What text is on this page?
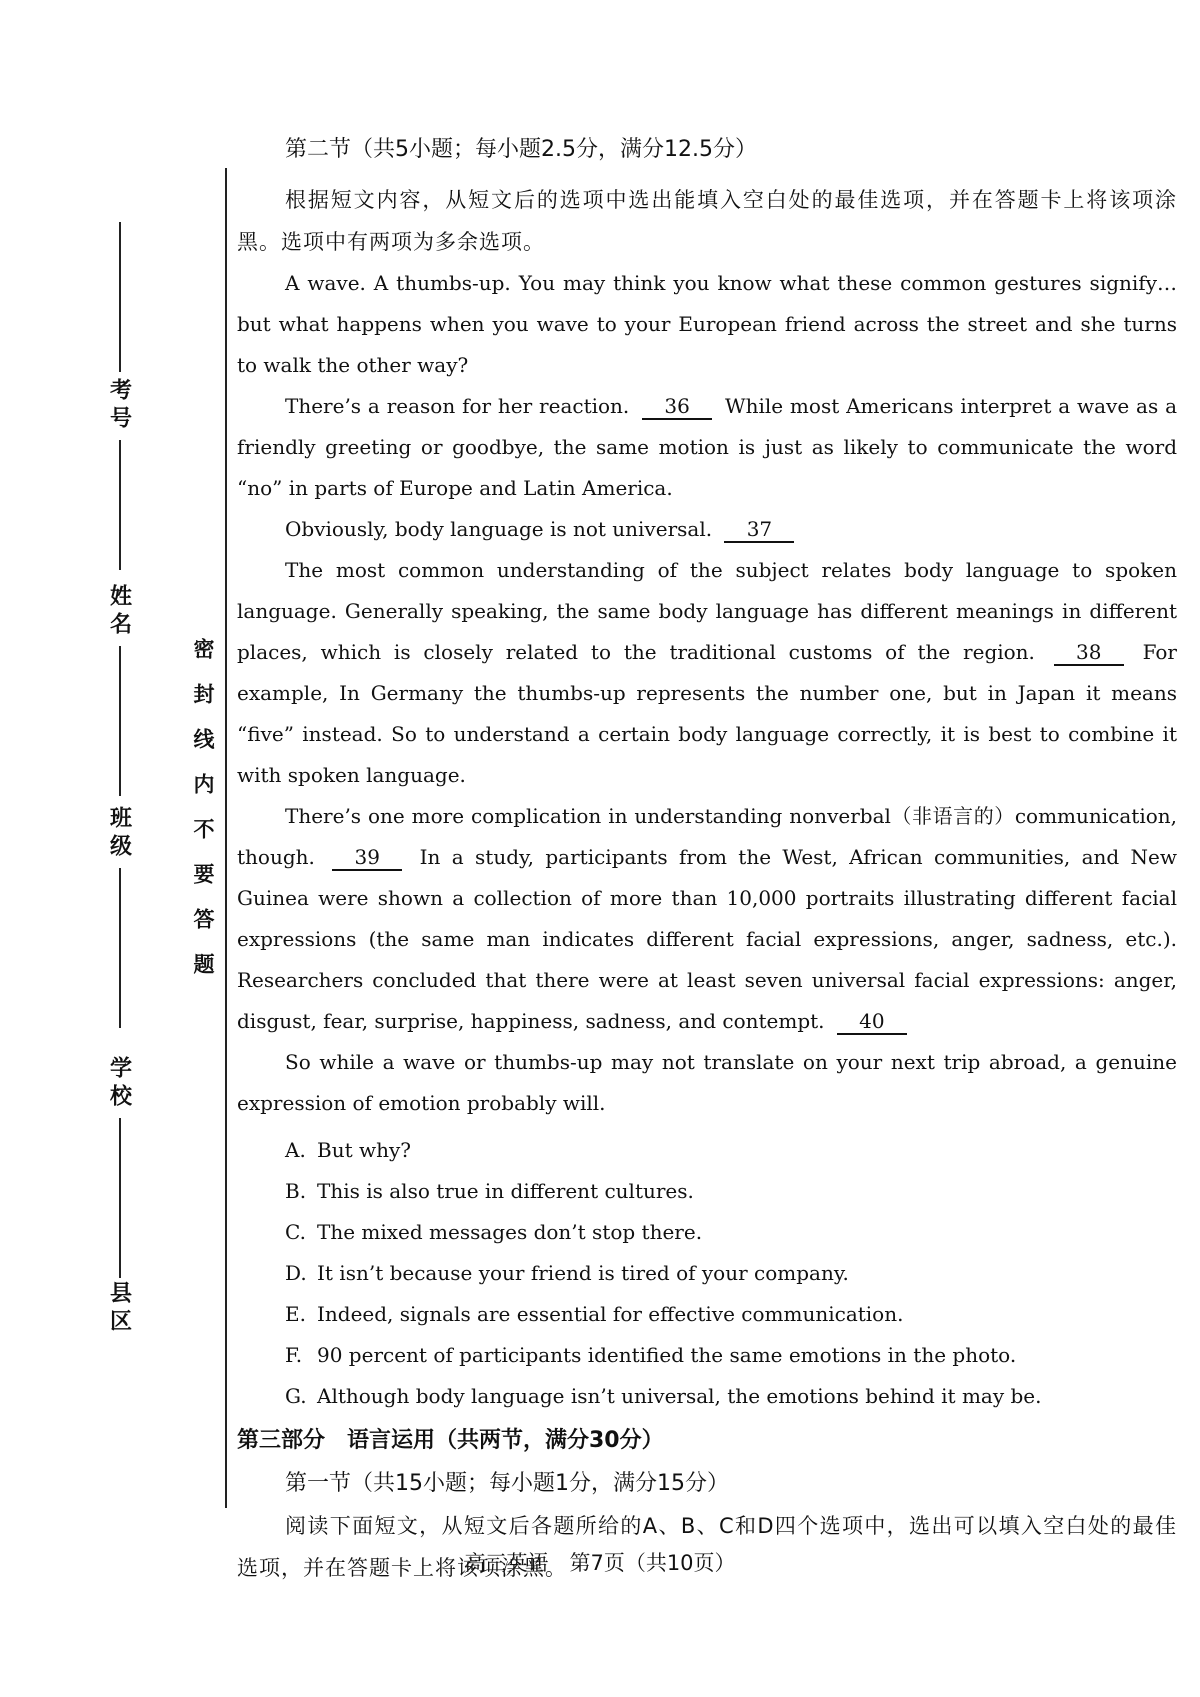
考号
姓名
班级
学校
县区
密封线内不要答题
第二节（共5小题；每小题2.5分，满分12.5分）

根据短文内容，从短文后的选项中选出能填入空白处的最佳选项，并在答题卡上将该项涂黑。选项中有两项为多余选项。

A wave. A thumbs-up. You may think you know what these common gestures signify…but what happens when you wave to your European friend across the street and she turns to walk the other way?

There’s a reason for her reaction. 36 While most Americans interpret a wave as a friendly greeting or goodbye, the same motion is just as likely to communicate the word “no” in parts of Europe and Latin America.

Obviously, body language is not universal. 37

The most common understanding of the subject relates body language to spoken language. Generally speaking, the same body language has different meanings in different places, which is closely related to the traditional customs of the region. 38 For example, In Germany the thumbs-up represents the number one, but in Japan it means “five” instead. So to understand a certain body language correctly, it is best to combine it with spoken language.

There’s one more complication in understanding nonverbal（非语言的）communication, though. 39 In a study, participants from the West, African communities, and New Guinea were shown a collection of more than 10,000 portraits illustrating different facial expressions (the same man indicates different facial expressions, anger, sadness, etc.). Researchers concluded that there were at least seven universal facial expressions: anger, disgust, fear, surprise, happiness, sadness, and contempt. 40

So while a wave or thumbs-up may not translate on your next trip abroad, a genuine expression of emotion probably will.

A. But why?
B. This is also true in different cultures.
C. The mixed messages don’t stop there.
D. It isn’t because your friend is tired of your company.
E. Indeed, signals are essential for effective communication.
F. 90 percent of participants identified the same emotions in the photo.
G. Although body language isn’t universal, the emotions behind it may be.
第三部分　语言运用（共两节，满分30分）
第一节（共15小题；每小题1分，满分15分）

阅读下面短文，从短文后各题所给的A、B、C和D四个选项中，选出可以填入空白处的最佳选项，并在答题卡上将该项涂黑。

高三英语　第7页（共10页）
